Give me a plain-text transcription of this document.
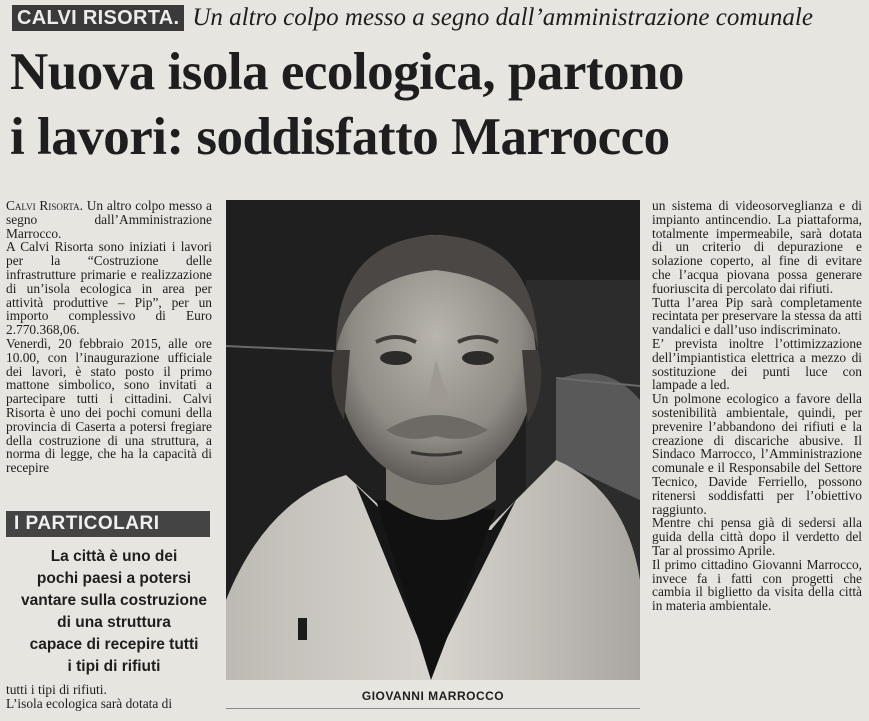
CALVI RISORTA. Un altro colpo messo a segno dall’amministrazione comunale
Nuova isola ecologica, partono
i lavori: soddisfatto Marrocco
Calvi Risorta. Un altro colpo messo a segno dall’Amministrazione Marrocco.
A Calvi Risorta sono iniziati i lavori per la “Costruzione delle infrastrutture primarie e realizzazione di un’isola ecologica in area per attività produttive – Pip”, per un importo complessivo di Euro 2.770.368,06.
Venerdì, 20 febbraio 2015, alle ore 10.00, con l’inaugurazione ufficiale dei lavori, è stato posto il primo mattone simbolico, sono invitati a partecipare tutti i cittadini. Calvi Risorta è uno dei pochi comuni della provincia di Caserta a potersi fregiare della costruzione di una struttura, a norma di legge, che ha la capacità di recepire
I PARTICOLARI
La città è uno dei
pochi paesi a potersi
vantare sulla costruzione
di una struttura
capace di recepire tutti
i tipi di rifiuti
tutti i tipi di rifiuti.
L’isola ecologica sarà dotata di	GIOVANNI MARROCCO
un sistema di videosorveglianza e di impianto antincendio. La piattaforma, totalmente impermeabile, sarà dotata di un criterio di depurazione e solazione coperto, al fine di evitare che l’acqua piovana possa generare fuoriuscita di percolato dai rifiuti.
Tutta l’area Pip sarà completamente recintata per preservare la stessa da atti vandalici e dall’uso indiscriminato.
E’ prevista inoltre l’ottimizzazione dell’impiantistica elettrica a mezzo di sostituzione dei punti luce con lampade a led.
Un polmone ecologico a favore della sostenibilità ambientale, quindi, per prevenire l’abbandono dei rifiuti e la creazione di discariche abusive. Il Sindaco Marrocco, l’Amministrazione comunale e il Responsabile del Settore Tecnico, Davide Ferriello, possono ritenersi soddisfatti per l’obiettivo raggiunto.
Mentre chi pensa già di sedersi alla guida della città dopo il verdetto del Tar al prossimo Aprile.
Il primo cittadino Giovanni Marrocco, invece fa i fatti con progetti che cambia il biglietto da visita della città in materia ambientale.
